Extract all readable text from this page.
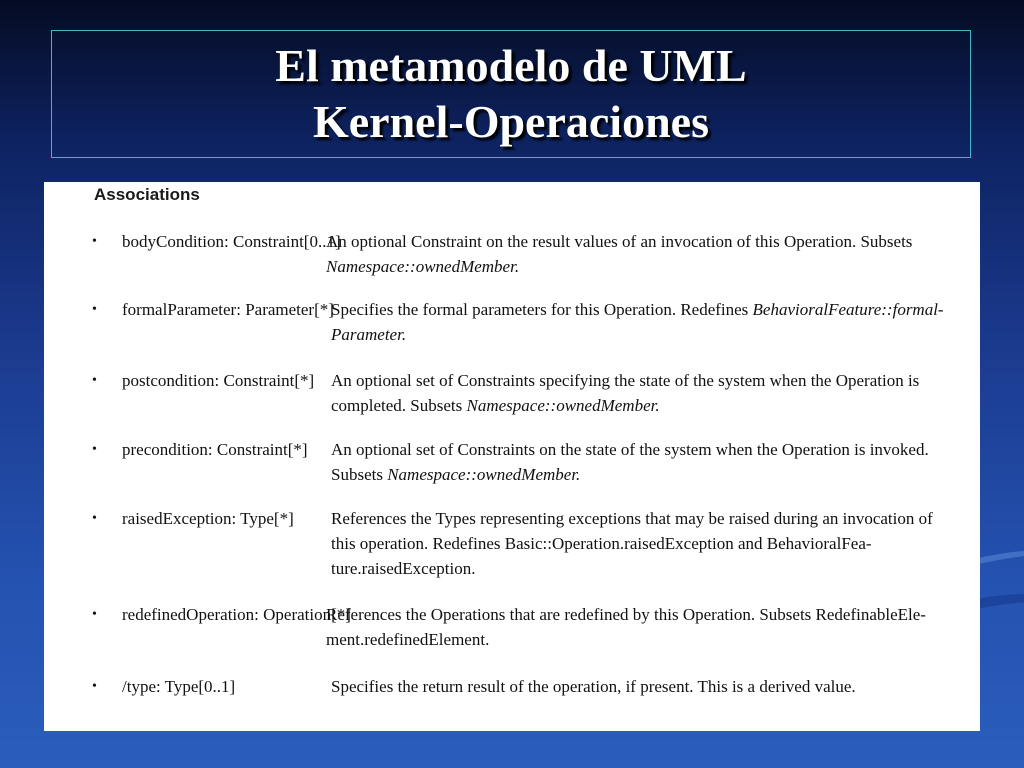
El metamodelo de UML
Kernel-Operaciones
Associations
• bodyCondition: Constraint[0..1]
An optional Constraint on the result values of an invocation of this Operation. Subsets
Namespace::ownedMember.
• formalParameter: Parameter[*]
Specifies the formal parameters for this Operation. Redefines BehavioralFeature::formal-
Parameter.
• postcondition: Constraint[*] An optional set of Constraints specifying the state of the system when the Operation is
completed. Subsets Namespace::ownedMember.
• precondition: Constraint[*] An optional set of Constraints on the state of the system when the Operation is invoked.
Subsets Namespace::ownedMember.
• raisedException: Type[*] References the Types representing exceptions that may be raised during an invocation of
this operation. Redefines Basic::Operation.raisedException and BehavioralFea-
ture.raisedException.
• redefinedOperation: Operation[*]
References the Operations that are redefined by this Operation. Subsets RedefinableEle-
ment.redefinedElement.
• /type: Type[0..1]	Specifies the return result of the operation, if present. This is a derived value.
